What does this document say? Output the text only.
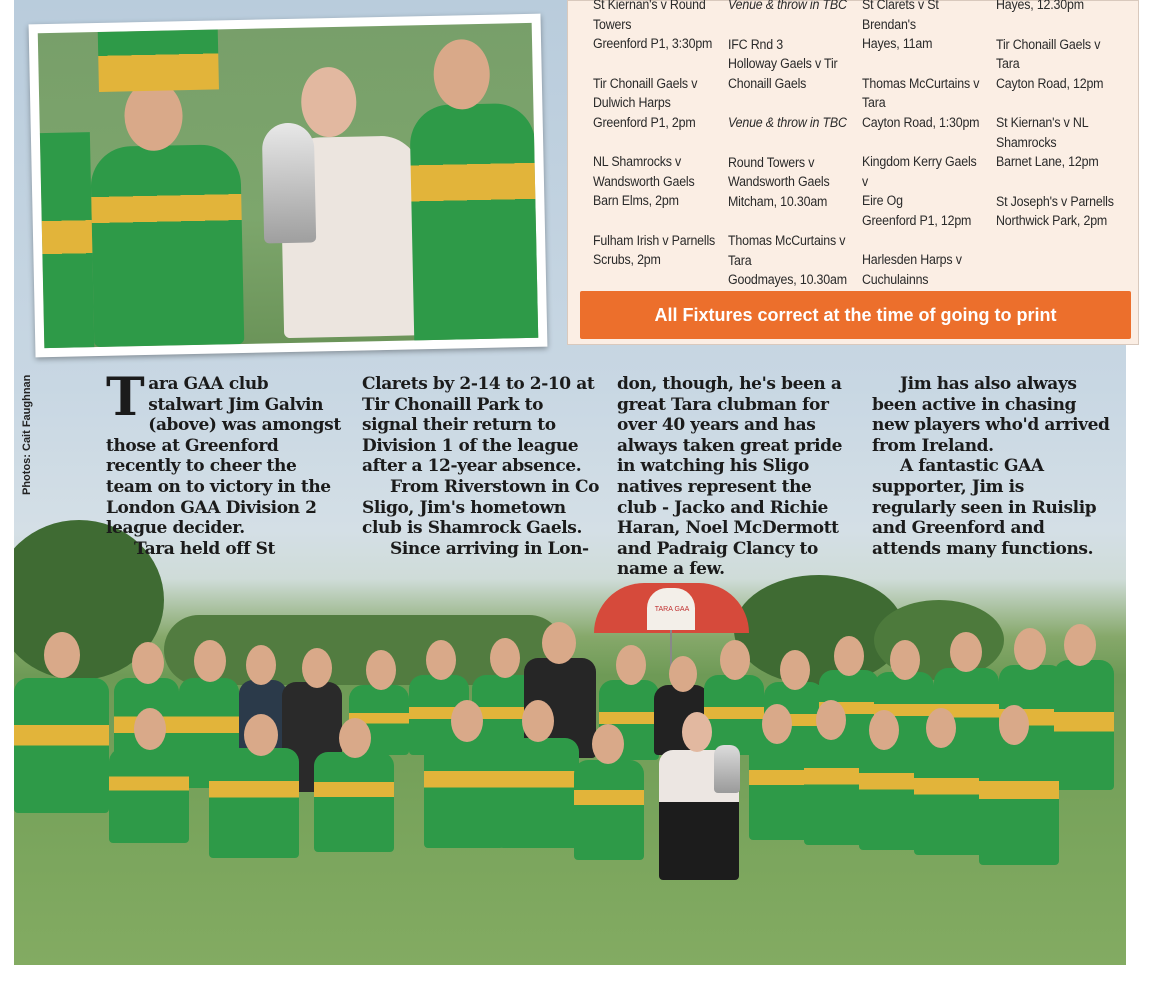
TARA GAA
St Kiernan's v Round
Towers
Greenford P1, 3:30pm
Tir Chonaill Gaels v
Dulwich Harps
Greenford P1, 2pm
NL Shamrocks v
Wandsworth Gaels
Barn Elms, 2pm
Fulham Irish v Parnells
Scrubs, 2pm
Venue & throw in TBC
IFC Rnd 3
Holloway Gaels v Tir
Chonaill Gaels
Venue & throw in TBC
Round Towers v
Wandsworth Gaels
Mitcham, 10.30am
Thomas McCurtains v
Tara
Goodmayes, 10.30am
St Clarets v St
Brendan's
Hayes, 11am
Thomas McCurtains v
Tara
Cayton Road, 1:30pm
Kingdom Kerry Gaels v
Eire Og
Greenford P1, 12pm
Harlesden Harps v
Cuchulainns
Hayes, 12.30pm
Tir Chonaill Gaels v
Tara
Cayton Road, 12pm
St Kiernan's v NL
Shamrocks
Barnet Lane, 12pm
St Joseph's v Parnells
Northwick Park, 2pm
All Fixtures correct at the time of going to print
Photos: Cait Faughnan Tara GAA club stalwart Jim Galvin (above) was amongst those at Greenford recently to cheer the team on to victory in the London GAA Division 2 league decider.

Tara held off St

Clarets by 2-14 to 2-10 at Tir Chonaill Park to signal their return to Division 1 of the league after a 12-year absence.

From Riverstown in Co Sligo, Jim's hometown club is Shamrock Gaels.

Since arriving in Lon-

don, though, he's been a great Tara clubman for over 40 years and has always taken great pride in watching his Sligo natives represent the club - Jacko and Richie Haran, Noel McDermott and Padraig Clancy to name a few.

Jim has also always been active in chasing new players who'd arrived from Ireland.

A fantastic GAA supporter, Jim is regularly seen in Ruislip and Greenford and attends many functions.
